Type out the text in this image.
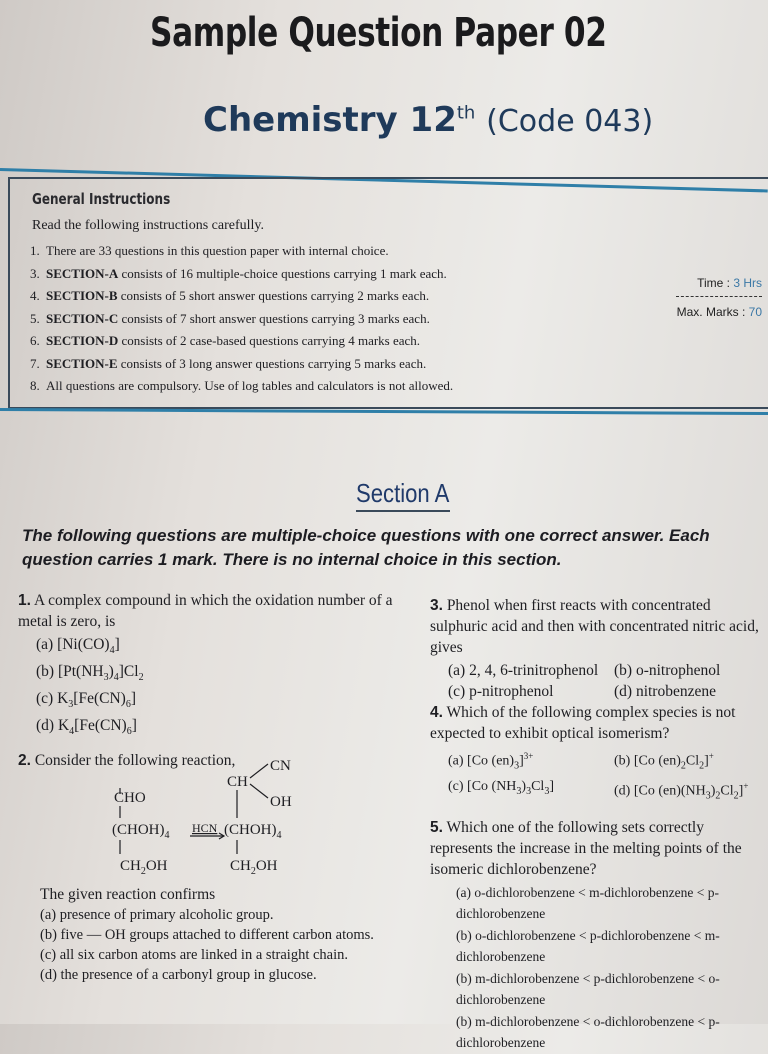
Sample Question Paper 02
Chemistry 12th (Code 043)
General Instructions
Read the following instructions carefully.
1. There are 33 questions in this question paper with internal choice.
3. SECTION-A consists of 16 multiple-choice questions carrying 1 mark each.
4. SECTION-B consists of 5 short answer questions carrying 2 marks each.
5. SECTION-C consists of 7 short answer questions carrying 3 marks each.
6. SECTION-D consists of 2 case-based questions carrying 4 marks each.
7. SECTION-E consists of 3 long answer questions carrying 5 marks each.
8. All questions are compulsory. Use of log tables and calculators is not allowed.
Time : 3 Hrs
Max. Marks : 70
Section A
The following questions are multiple-choice questions with one correct answer. Each question carries 1 mark. There is no internal choice in this section.
1. A complex compound in which the oxidation number of a metal is zero, is
(a) $[Ni(CO)_4]$
(b) $[Pt(NH_3)_4]Cl_2$
(c) $K_3[Fe(CN)_6]$
(d) $K_4[Fe(CN)_6]$
2. Consider the following reaction,
CHO
$(CHOH)_4$
$CH_2OH$
HCN
CH
CN
OH
$(CHOH)_4$
$CH_2OH$
The given reaction confirms
(a) presence of primary alcoholic group.
(b) five — OH groups attached to different carbon atoms.
(c) all six carbon atoms are linked in a straight chain.
(d) the presence of a carbonyl group in glucose.
3. Phenol when first reacts with concentrated sulphuric acid and then with concentrated nitric acid, gives
(a) 2, 4, 6-trinitrophenol	(b) o-nitrophenol
(c) p-nitrophenol	(d) nitrobenzene
4. Which of the following complex species is not expected to exhibit optical isomerism?
(a) [Co $(en)_3]^{3+}$	(b) [Co $(en)_2Cl_2]^+$
(c) [Co $(NH_3)_3Cl_3$]	(d) [Co $(en)(NH_3)_2Cl_2]^+$
5. Which one of the following sets correctly represents the increase in the melting points of the isomeric dichlorobenzene?
(a) o-dichlorobenzene < m-dichlorobenzene < p-dichlorobenzene
(b) o-dichlorobenzene < p-dichlorobenzene < m-dichlorobenzene
(b) m-dichlorobenzene < p-dichlorobenzene < o-dichlorobenzene
(b) m-dichlorobenzene < o-dichlorobenzene < p-dichlorobenzene
